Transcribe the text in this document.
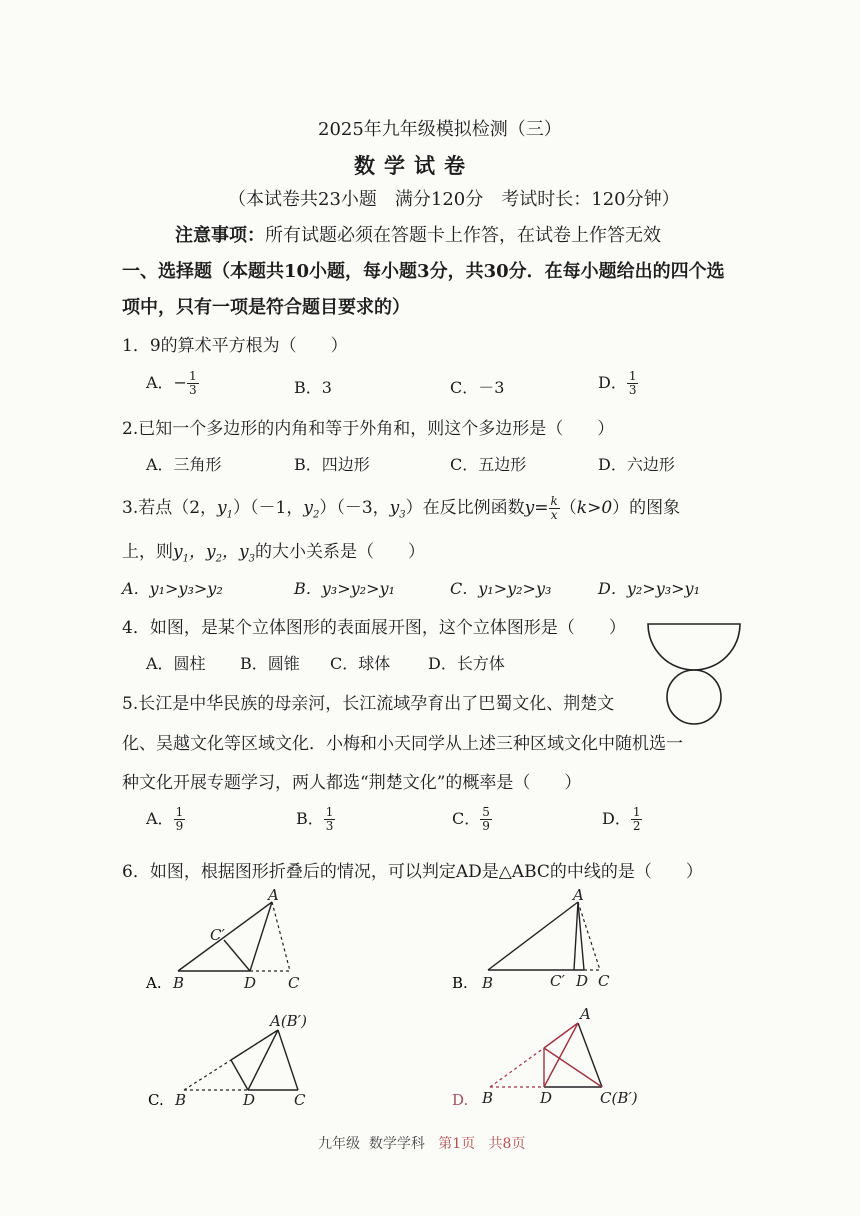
2025年九年级模拟检测（三）
数学试卷
（本试卷共23小题　满分120分　考试时长：120分钟）
注意事项：所有试题必须在答题卡上作答，在试卷上作答无效
一、选择题（本题共10小题，每小题3分，共30分．在每小题给出的四个选
项中，只有一项是符合题目要求的）
1．9的算术平方根为（　　）
A．− $\frac{1}{3}$	B．3	C．－3	D． $\frac{1}{3}$
2.已知一个多边形的内角和等于外角和，则这个多边形是（　　）
A．三角形	B．四边形	C．五边形	D．六边形
3.若点（2，$y_1)(-1$，$y_2)(-3$，$y_3$）在反比例函数$y= \frac{k}{x} (k>0)$的图象
上，则$y_1$，$y_2$，$y_3$的大小关系是（　　）
A．y₁>y₃>y₂	B．y₃>y₂>y₁	C．y₁>y₂>y₃	D．y₂>y₃>y₁
4．如图，是某个立体图形的表面展开图，这个立体图形是（　　）
A．圆柱 B．圆锥 C．球体 D．长方体
5.长江是中华民族的母亲河，长江流域孕育出了巴蜀文化、荆楚文
化、吴越文化等区域文化．小梅和小天同学从上述三种区域文化中随机选一
种文化开展专题学习，两人都选“荆楚文化”的概率是（　　）
A． $\frac{1}{9}$	B． $\frac{1}{3}$	C． $\frac{5}{9}$	D． $\frac{1}{2}$
6．如图，根据图形折叠后的情况，可以判定AD是△ABC的中线的是（　　）
A.
A
C′
B	D C	B.
A
B	C′ D C
C.
A(B′)
B	D	C	D.
A
B	D	C(B′)
九年级 数学学科 第1页 共8页
